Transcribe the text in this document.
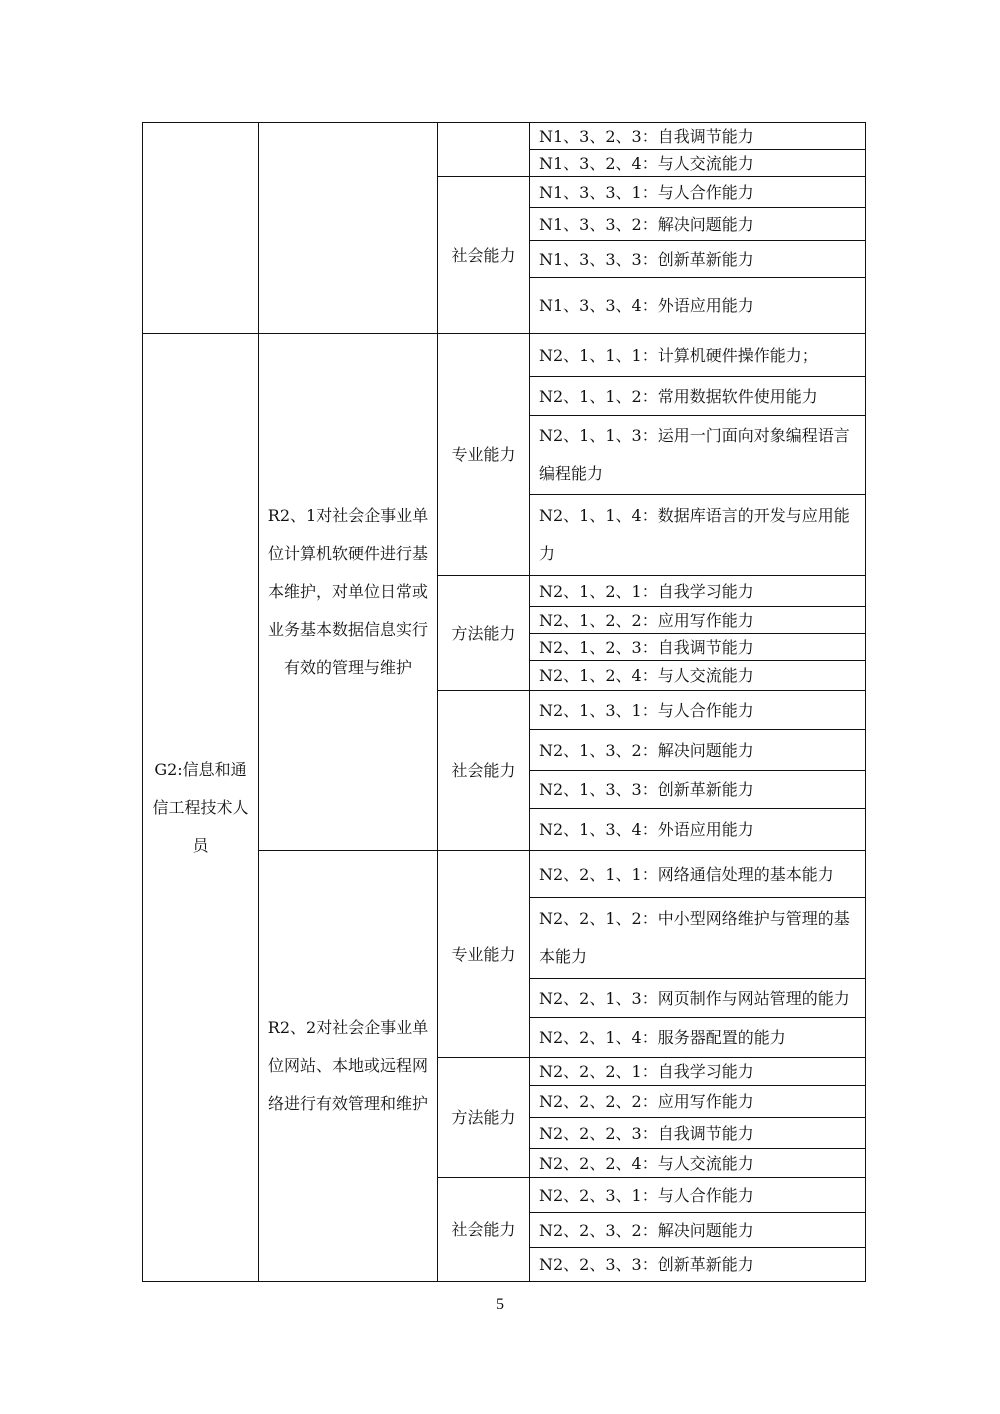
N1、3、2、3：自我调节能力
N1、3、2、4：与人交流能力
社会能力
N1、3、3、1：与人合作能力
N1、3、3、2：解决问题能力
N1、3、3、3：创新革新能力
N1、3、3、4：外语应用能力
G2:信息和通信工程技术人员
R2、1对社会企事业单位计算机软硬件进行基本维护，对单位日常或业务基本数据信息实行有效的管理与维护
专业能力
N2、1、1、1：计算机硬件操作能力；
N2、1、1、2：常用数据软件使用能力
N2、1、1、3：运用一门面向对象编程语言编程能力
N2、1、1、4：数据库语言的开发与应用能力
方法能力
N2、1、2、1：自我学习能力
N2、1、2、2：应用写作能力
N2、1、2、3：自我调节能力
N2、1、2、4：与人交流能力
社会能力
N2、1、3、1：与人合作能力
N2、1、3、2：解决问题能力
N2、1、3、3：创新革新能力
N2、1、3、4：外语应用能力
R2、2对社会企事业单位网站、本地或远程网络进行有效管理和维护
专业能力
N2、2、1、1：网络通信处理的基本能力
N2、2、1、2：中小型网络维护与管理的基本能力
N2、2、1、3：网页制作与网站管理的能力
N2、2、1、4：服务器配置的能力
方法能力
N2、2、2、1：自我学习能力
N2、2、2、2：应用写作能力
N2、2、2、3：自我调节能力
N2、2、2、4：与人交流能力
社会能力
N2、2、3、1：与人合作能力
N2、2、3、2：解决问题能力
N2、2、3、3：创新革新能力
5
